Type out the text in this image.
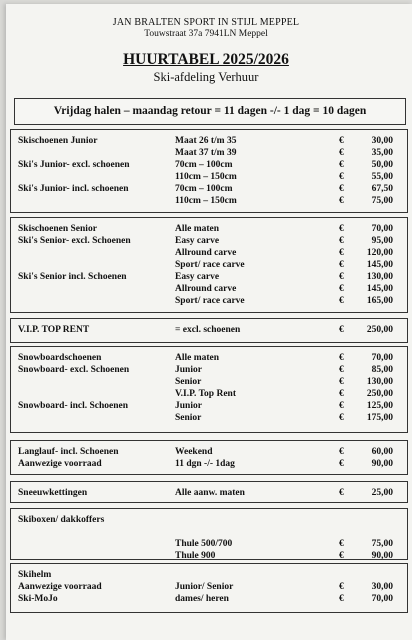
JAN BRALTEN SPORT IN STIJL MEPPEL
Touwstraat 37a 7941LN Meppel
HUURTABEL 2025/2026
Ski-afdeling Verhuur
Vrijdag halen – maandag retour = 11 dagen -/- 1 dag = 10 dagen
Skischoenen Junior	Maat 26 t/m 35	€	30,00
Maat 37 t/m 39	€	35,00
Ski's Junior- excl. schoenen	70cm – 100cm	€	50,00
110cm – 150cm	€	55,00
Ski's Junior- incl. schoenen	70cm – 100cm	€	67,50
110cm – 150cm	€	75,00
Skischoenen Senior	Alle maten	€	70,00
Ski's Senior- excl. Schoenen	Easy carve	€	95,00
Allround carve	€ 120,00
Sport/ race carve	€ 145,00
Ski's Senior incl. Schoenen	Easy carve	€ 130,00
Allround carve	€ 145,00
Sport/ race carve	€ 165,00
V.I.P. TOP RENT	= excl. schoenen	€ 250,00
Snowboardschoenen	Alle maten	€	70,00
Snowboard- excl. Schoenen	Junior	€	85,00
Senior	€ 130,00
V.I.P. Top Rent	€ 250,00
Snowboard- incl. Schoenen	Junior	€ 125,00
Senior	€ 175,00
Langlauf- incl. Schoenen	Weekend	€	60,00
Aanwezige voorraad	11 dgn -/- 1dag	€	90,00
Sneeuwkettingen	Alle aanw. maten	€	25,00
Skiboxen/ dakkoffers
Thule 500/700	€	75,00
Thule 900	€	90,00
Skihelm
Aanwezige voorraad	Junior/ Senior	€	30,00
Ski-MoJo	dames/ heren	€	70,00
